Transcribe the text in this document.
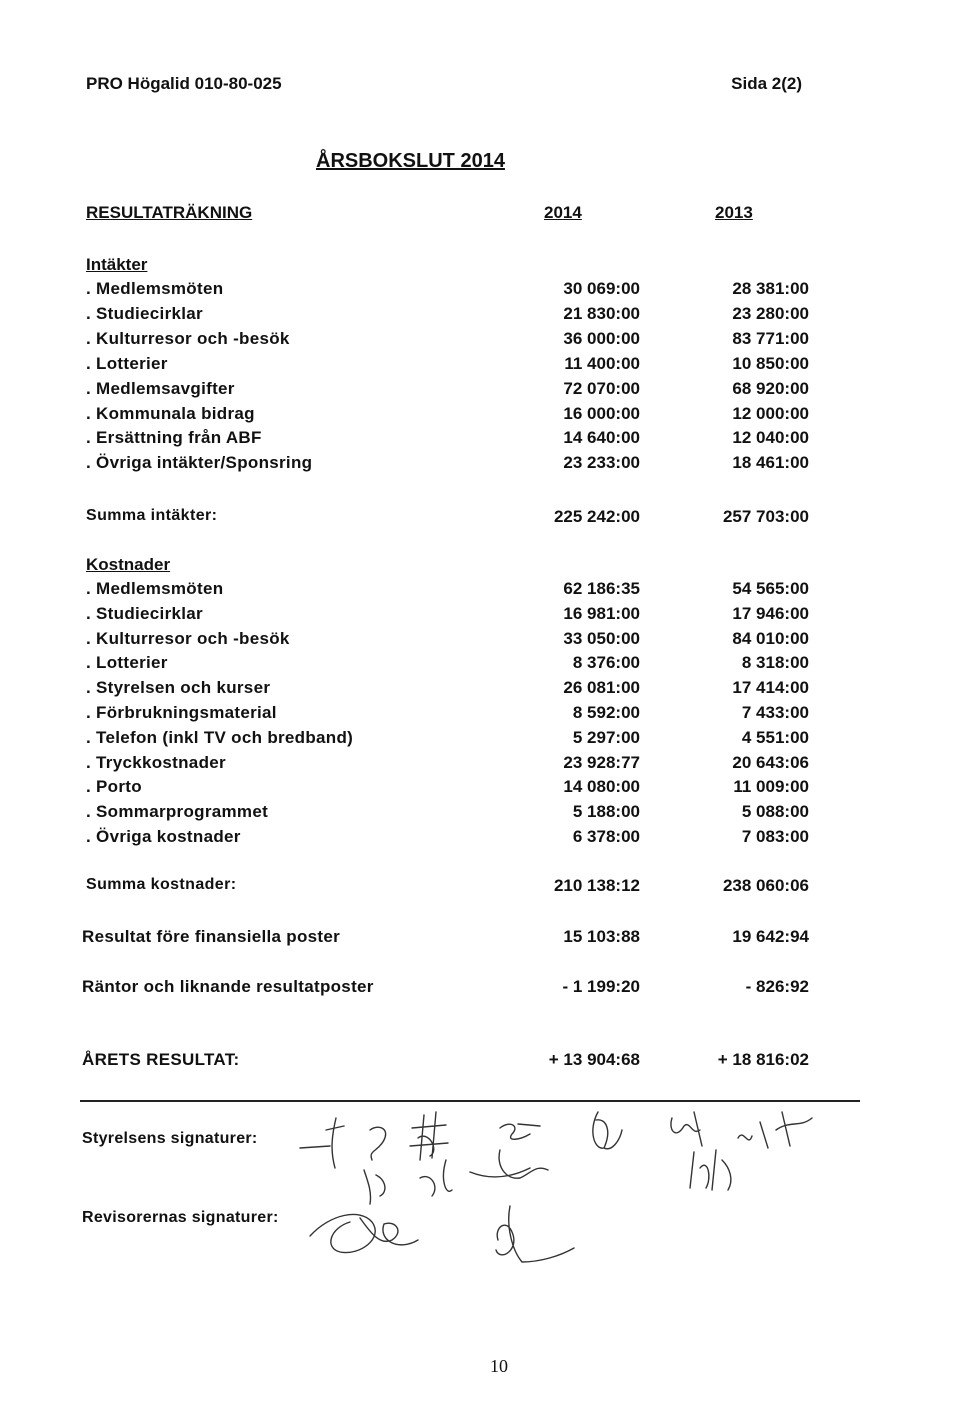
PRO Högalid 010-80-025	Sida 2(2)
ÅRSBOKSLUT 2014
RESULTATRÄKNING	2014	2013
Intäkter
. Medlemsmöten	30 069:00	28 381:00
. Studiecirklar	21 830:00	23 280:00
. Kulturresor och -besök	36 000:00	83 771:00
. Lotterier	11 400:00	10 850:00
. Medlemsavgifter	72 070:00	68 920:00
. Kommunala bidrag	16 000:00	12 000:00
. Ersättning från ABF	14 640:00	12 040:00
. Övriga intäkter/Sponsring	23 233:00	18 461:00
Summa intäkter:	225 242:00	257 703:00
Kostnader
. Medlemsmöten	62 186:35	54 565:00
. Studiecirklar	16 981:00	17 946:00
. Kulturresor och -besök	33 050:00	84 010:00
. Lotterier	8 376:00	8 318:00
. Styrelsen och kurser	26 081:00	17 414:00
. Förbrukningsmaterial	8 592:00	7 433:00
. Telefon (inkl TV och bredband)	5 297:00	4 551:00
. Tryckkostnader	23 928:77	20 643:06
. Porto	14 080:00	11 009:00
. Sommarprogrammet	5 188:00	5 088:00
. Övriga kostnader	6 378:00	7 083:00
Summa kostnader:	210 138:12	238 060:06
Resultat före finansiella poster	15 103:88	19 642:94
Räntor och liknande resultatposter	- 1 199:20	- 826:92
ÅRETS RESULTAT:	+ 13 904:68	+ 18 816:02
Styrelsens signaturer:
Revisorernas signaturer:
10
